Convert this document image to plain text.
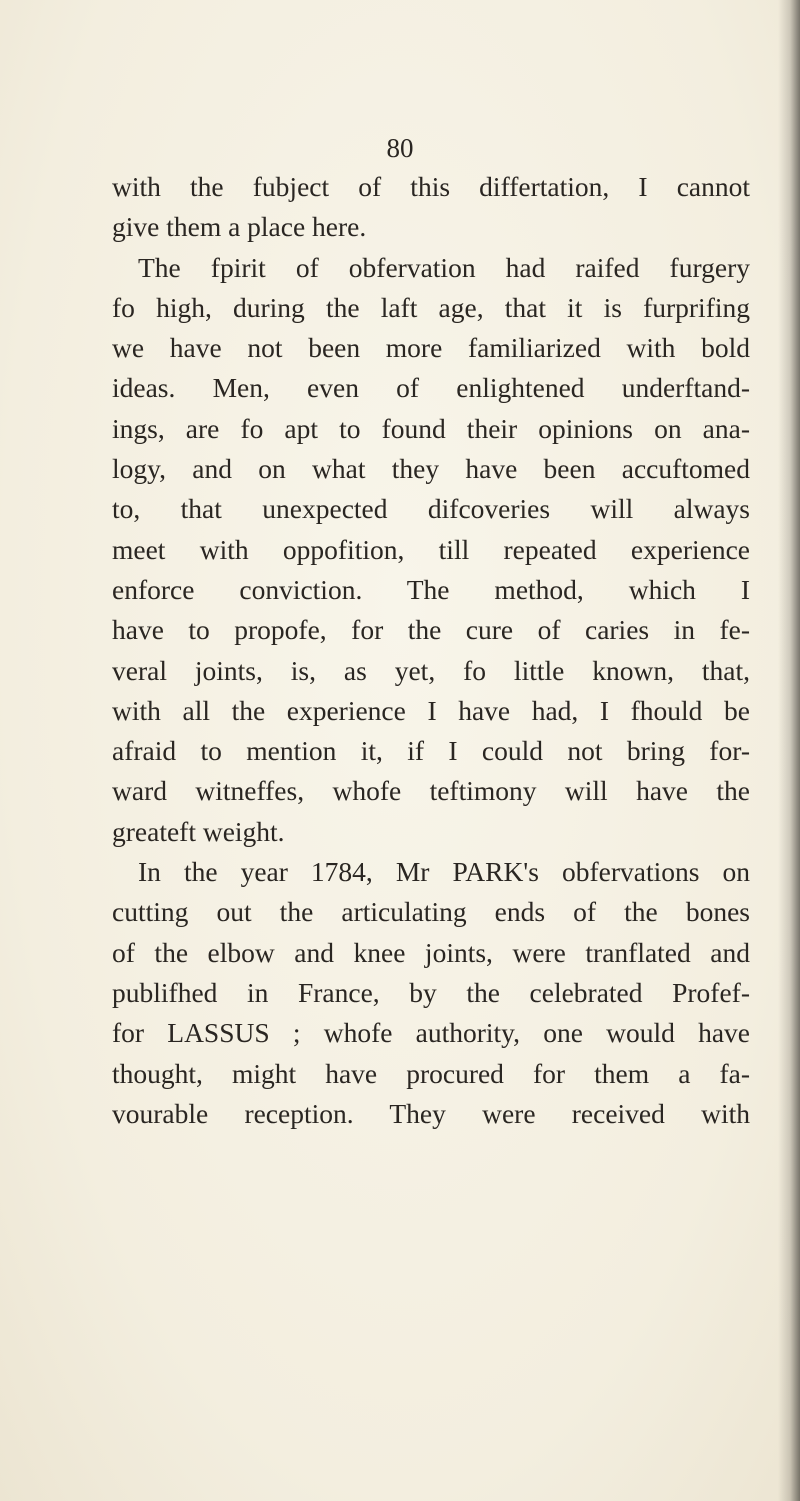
80
with the fubject of this differtation, I cannot
give them a place here.
The fpirit of obfervation had raifed furgery
fo high, during the laft age, that it is furprifing
we have not been more familiarized with bold
ideas. Men, even of enlightened underftand-
ings, are fo apt to found their opinions on ana-
logy, and on what they have been accuftomed
to, that unexpected difcoveries will always
meet with oppofition, till repeated experience
enforce conviction. The method, which I
have to propofe, for the cure of caries in fe-
veral joints, is, as yet, fo little known, that,
with all the experience I have had, I fhould be
afraid to mention it, if I could not bring for-
ward witneffes, whofe teftimony will have the
greateft weight.
In the year 1784, Mr PARK's obfervations on
cutting out the articulating ends of the bones
of the elbow and knee joints, were tranflated and
publifhed in France, by the celebrated Profef-
for LASSUS ; whofe authority, one would have
thought, might have procured for them a fa-
vourable reception. They were received with
